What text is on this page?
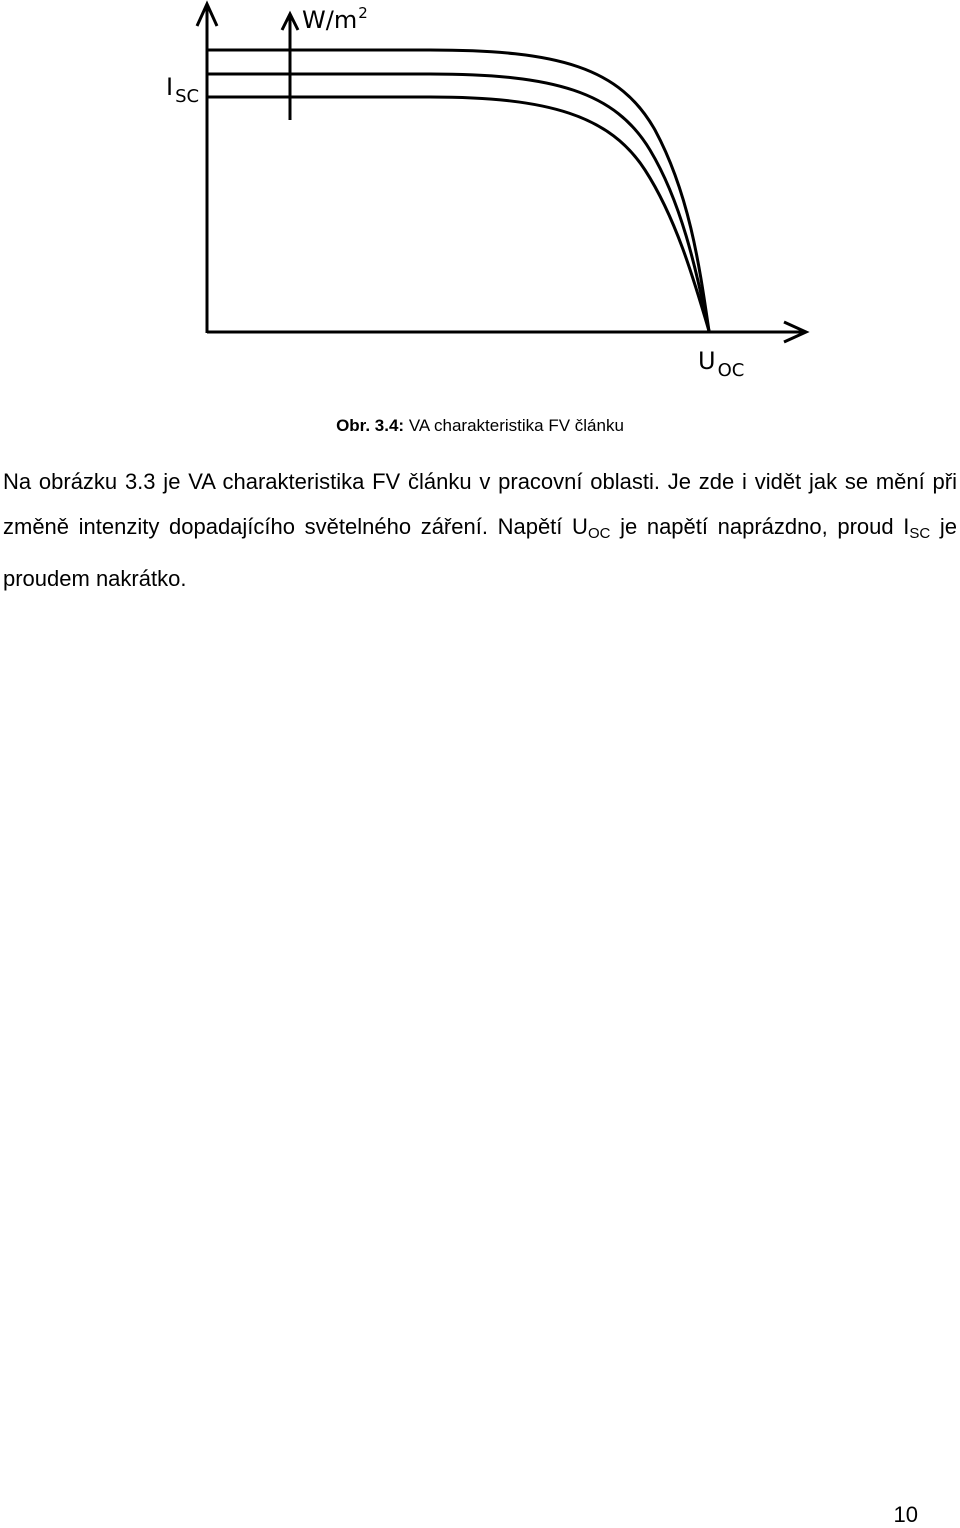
I $_{SC}$
U $_{OC}$
$W/m^2$
Obr. 3.4: VA charakteristika FV článku

Na obrázku 3.3 je VA charakteristika FV článku v pracovní oblasti. Je zde i vidět jak se mění při změně intenzity dopadajícího světelného záření. Napětí UOC je napětí naprázdno, proud ISC je proudem nakrátko.

10
